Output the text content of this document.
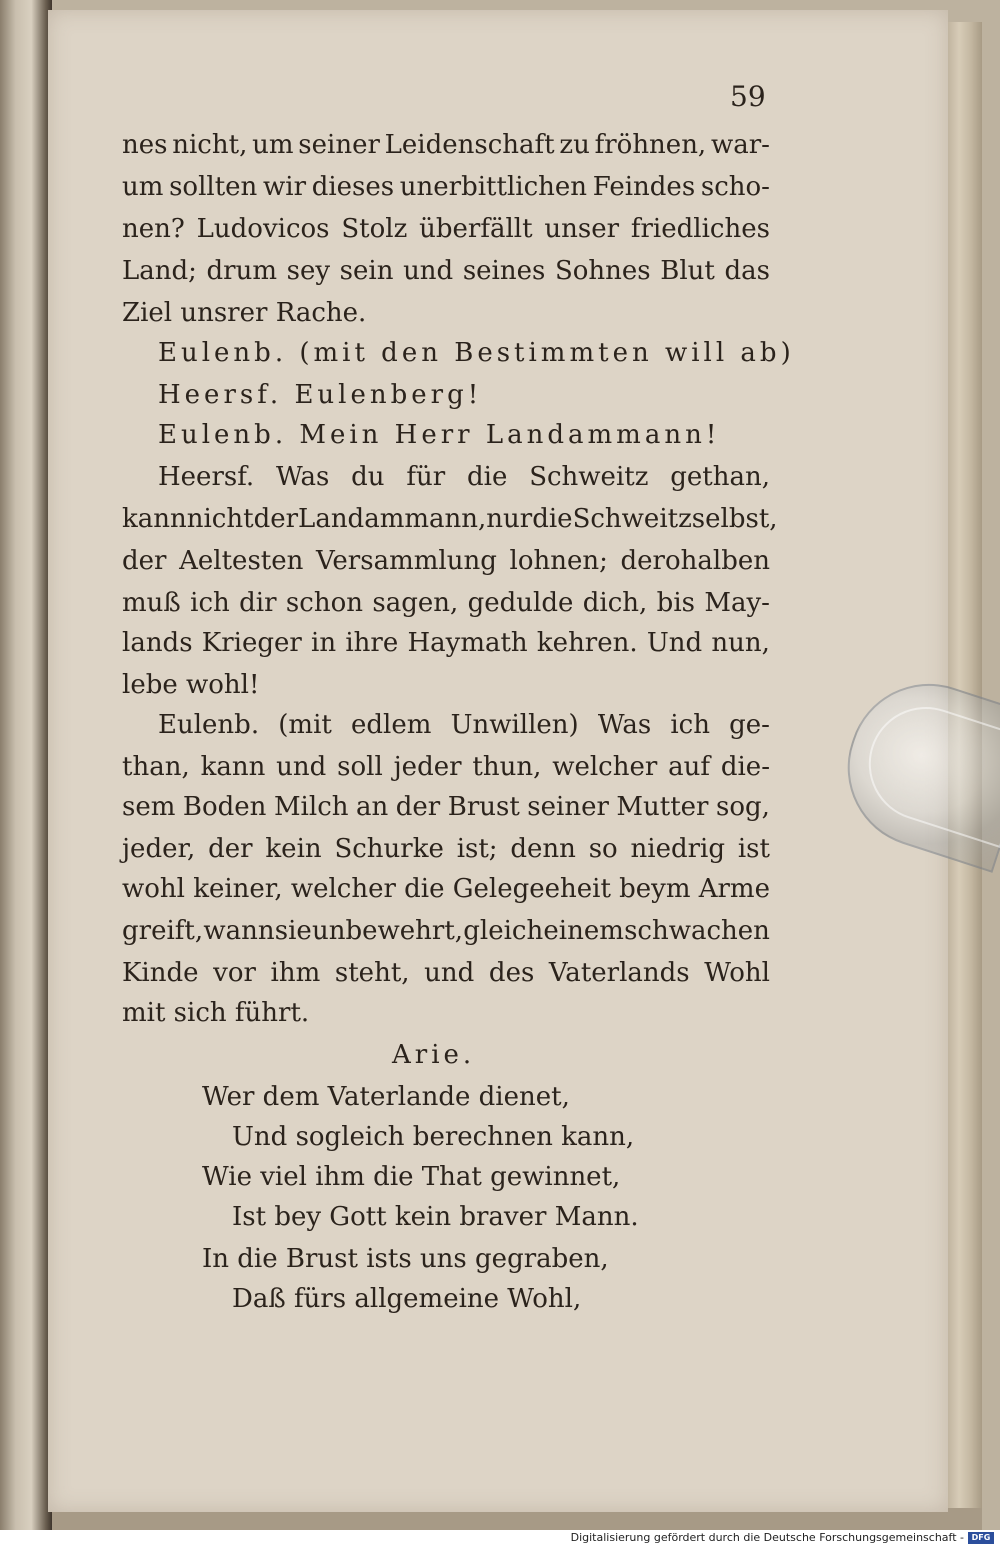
59
nes nicht, um seiner Leidenschaft zu fröhnen, war-
um sollten wir dieses unerbittlichen Feindes scho-
nen? Ludovicos Stolz überfällt unser friedliches
Land; drum sey sein und seines Sohnes Blut das
Ziel unsrer Rache.
Eulenb. (mit den Bestimmten will ab)
Heersf. Eulenberg!
Eulenb. Mein Herr Landammann!
Heersf. Was du für die Schweitz gethan,
kann nicht der Landammann, nur die Schweitz selbst,
der Aeltesten Versammlung lohnen; derohalben
muß ich dir schon sagen, gedulde dich, bis May-
lands Krieger in ihre Haymath kehren. Und nun,
lebe wohl!
Eulenb. (mit edlem Unwillen) Was ich ge-
than, kann und soll jeder thun, welcher auf die-
sem Boden Milch an der Brust seiner Mutter sog,
jeder, der kein Schurke ist; denn so niedrig ist
wohl keiner, welcher die Gelegeeheit beym Arme
greift, wann sie unbewehrt, gleich einem schwachen
Kinde vor ihm steht, und des Vaterlands Wohl
mit sich führt.
Arie.
Wer dem Vaterlande dienet,
Und sogleich berechnen kann,
Wie viel ihm die That gewinnet,
Ist bey Gott kein braver Mann.
In die Brust ists uns gegraben,
Daß fürs allgemeine Wohl,
Digitalisierung gefördert durch die Deutsche Forschungsgemeinschaft - DFG
